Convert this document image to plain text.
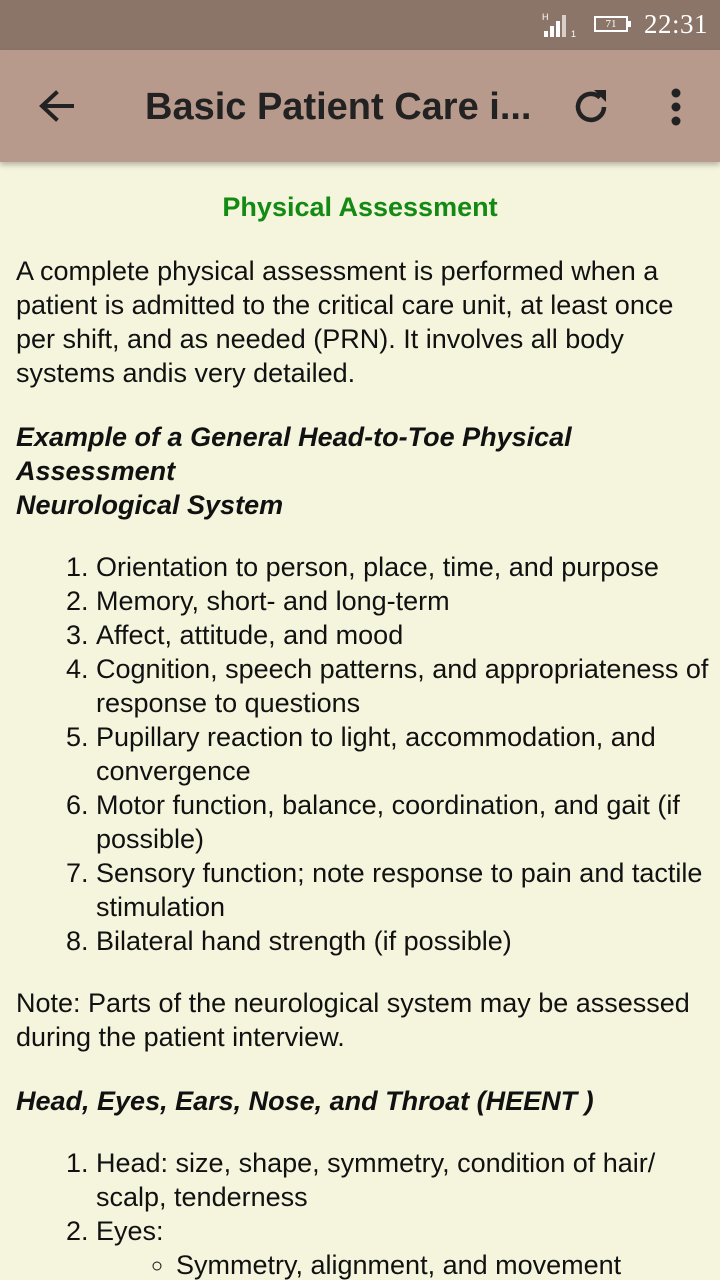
H
1
71	22:31
Basic Patient Care i...
Physical Assessment

A complete physical assessment is performed when a patient is admitted to the critical care unit, at least once per shift, and as needed (PRN). It involves all body systems andis very detailed.

Example of a General Head-to-Toe Physical Assessment
Neurological System
1. Orientation to person, place, time, and purpose
2. Memory, short- and long-term
3. Affect, attitude, and mood
4. Cognition, speech patterns, and appropriateness of response to questions
5. Pupillary reaction to light, accommodation, and convergence
6. Motor function, balance, coordination, and gait (if possible)
7. Sensory function; note response to pain and tactile stimulation
8. Bilateral hand strength (if possible)

Note: Parts of the neurological system may be assessed during the patient interview.

Head, Eyes, Ears, Nose, and Throat (HEENT )
1. Head: size, shape, symmetry, condition of hair/ scalp, tenderness
2. Eyes:
◦ Symmetry, alignment, and movement
